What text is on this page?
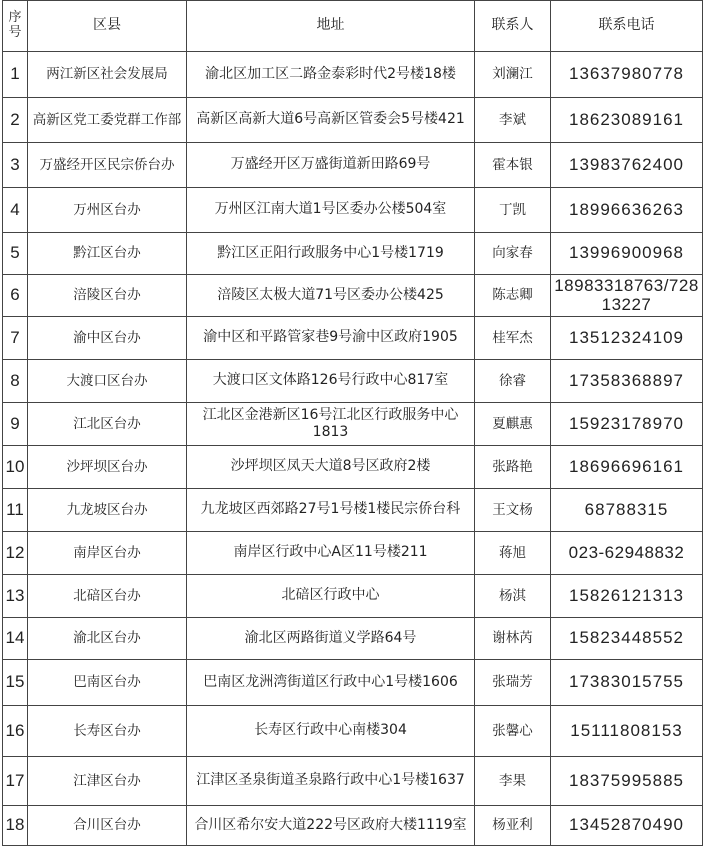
序号	区县	地址	联系人	联系电话
1	两江新区社会发展局	渝北区加工区二路金泰彩时代2号楼18楼	刘澜江	13637980778
2	高新区党工委党群工作部	高新区高新大道6号高新区管委会5号楼421	李斌	18623089161
3	万盛经开区民宗侨台办	万盛经开区万盛街道新田路69号	霍本银	13983762400
4	万州区台办	万州区江南大道1号区委办公楼504室	丁凯	18996636263
5	黔江区台办	黔江区正阳行政服务中心1号楼1719	向家春	13996900968
6	涪陵区台办	涪陵区太极大道71号区委办公楼425	陈志卿	18983318763/72813227
7	渝中区台办	渝中区和平路管家巷9号渝中区政府1905	桂军杰	13512324109
8	大渡口区台办	大渡口区文体路126号行政中心817室	徐睿	17358368897
9	江北区台办	江北区金港新区16号江北区行政服务中心1813	夏麒惠	15923178970
10	沙坪坝区台办	沙坪坝区凤天大道8号区政府2楼	张路艳	18696696161
11	九龙坡区台办	九龙坡区西郊路27号1号楼1楼民宗侨台科	王文杨	68788315
12	南岸区台办	南岸区行政中心A区11号楼211	蒋旭	023-62948832
13	北碚区台办	北碚区行政中心	杨淇	15826121313
14	渝北区台办	渝北区两路街道义学路64号	谢林芮	15823448552
15	巴南区台办	巴南区龙洲湾街道区行政中心1号楼1606	张瑞芳	17383015755
16	长寿区台办	长寿区行政中心南楼304	张馨心	15111808153
17	江津区台办	江津区圣泉街道圣泉路行政中心1号楼1637	李果	18375995885
18	合川区台办	合川区希尔安大道222号区政府大楼1119室	杨亚利	13452870490
